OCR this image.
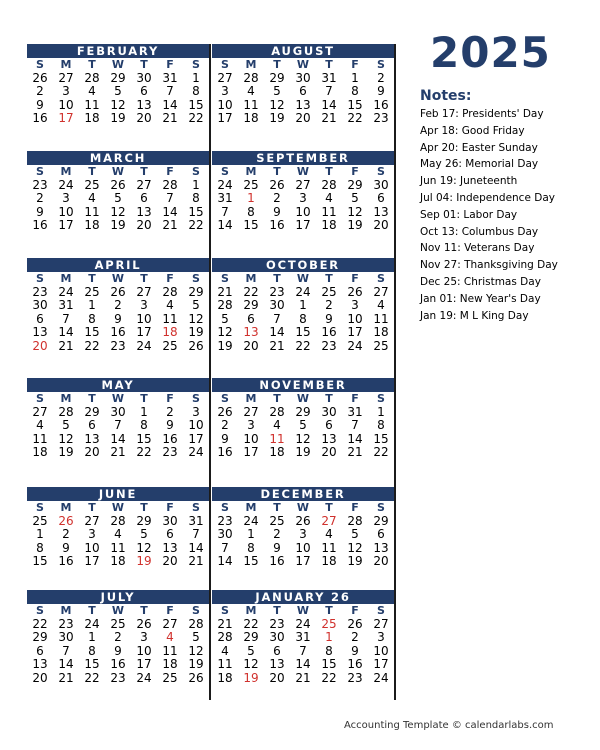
FEBRUARY
S	M	T	W	T	F	S
26 27 28 29 30 31	1
2	3	4	5	6	7	8
9	10 11 12 13 14 15
16 17 18 19 20 21 22
AUGUST
S	M	T	W	T	F	S
27 28 29 30 31	1	2
3	4	5	6	7	8	9
10 11 12 13 14 15 16
17 18 19 20 21 22 23
MARCH
S	M	T	W	T	F	S
23 24 25 26 27 28	1
2	3	4	5	6	7	8
9	10 11 12 13 14 15
16 17 18 19 20 21 22
SEPTEMBER
S	M	T	W	T	F	S
24 25 26 27 28 29 30
31	1	2	3	4	5	6
7	8	9	10 11 12 13
14 15 16 17 18 19 20
APRIL
S	M	T	W	T	F	S
23 24 25 26 27 28 29
30 31	1	2	3	4	5
6	7	8	9	10 11 12
13 14 15 16 17 18 19
20 21 22 23 24 25 26
OCTOBER
S	M	T	W	T	F	S
21 22 23 24 25 26 27
28 29 30	1	2	3	4
5	6	7	8	9	10 11
12 13 14 15 16 17 18
19 20 21 22 23 24 25
MAY
S	M	T	W	T	F	S
27 28 29 30	1	2	3
4	5	6	7	8	9	10
11 12 13 14 15 16 17
18 19 20 21 22 23 24
NOVEMBER
S	M	T	W	T	F	S
26 27 28 29 30 31	1
2	3	4	5	6	7	8
9	10 11 12 13 14 15
16 17 18 19 20 21 22
JUNE
S	M	T	W	T	F	S
25 26 27 28 29 30 31
1	2	3	4	5	6	7
8	9	10 11 12 13 14
15 16 17 18 19 20 21
DECEMBER
S	M	T	W	T	F	S
23 24 25 26 27 28 29
30	1	2	3	4	5	6
7	8	9	10 11 12 13
14 15 16 17 18 19 20
JULY
S	M	T	W	T	F	S
22 23 24 25 26 27 28
29 30	1	2	3	4	5
6	7	8	9	10 11 12
13 14 15 16 17 18 19
20 21 22 23 24 25 26
JANUARY 26
S	M	T	W	T	F	S
21 22 23 24 25 26 27
28 29 30 31	1	2	3
4	5	6	7	8	9	10
11 12 13 14 15 16 17
18 19 20 21 22 23 24
2025
Notes:
Feb 17: Presidents' Day
Apr 18: Good Friday
Apr 20: Easter Sunday
May 26: Memorial Day
Jun 19: Juneteenth
Jul 04: Independence Day
Sep 01: Labor Day
Oct 13: Columbus Day
Nov 11: Veterans Day
Nov 27: Thanksgiving Day
Dec 25: Christmas Day
Jan 01: New Year's Day
Jan 19: M L King Day
Accounting Template © calendarlabs.com
